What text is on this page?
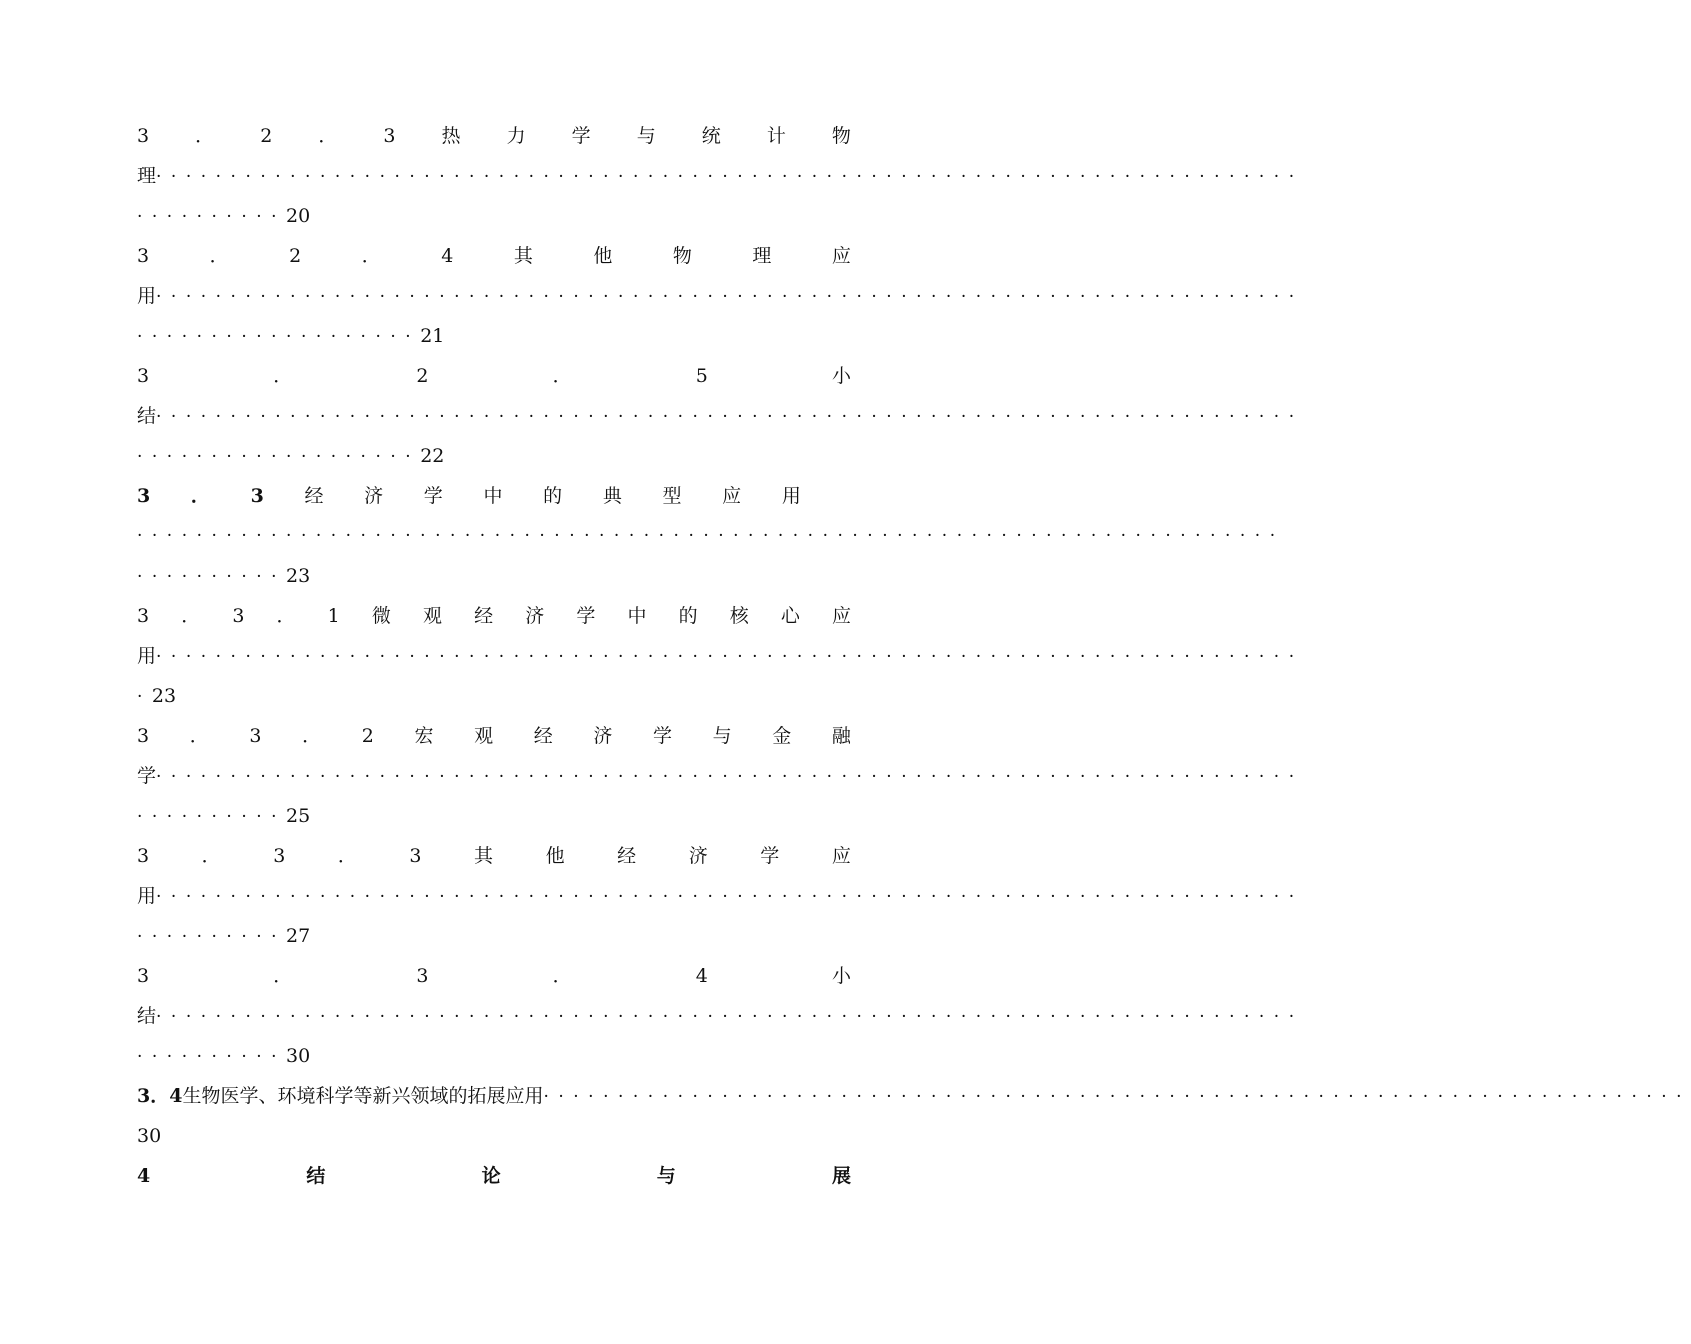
3 ． 2 ． 3 热 力 学 与 统 计 物
理 ·············································································
··········20
3	．	2	．	4	其	他	物	理	应
用 ·············································································
···················21
3	．	2	．	5	小
结 ·············································································
···················22
3 ． 3 经 济 学 中 的 典 型 应 用
·············································································
··········23
3 ． 3 ． 1 微 观 经 济 学 中 的 核 心 应
用 ·············································································
·23
3 ． 3 ． 2 宏 观 经 济 学 与 金 融
学 ·············································································
··········25
3	．	3	．	3	其	他	经	济	学	应
用 ·············································································
··········27
3	．	3	．	4	小
结 ·············································································
··········30
3．4 生物医学、环境科学等新兴领域的拓展应用 ·············································································
30
4	结	论	与	展
